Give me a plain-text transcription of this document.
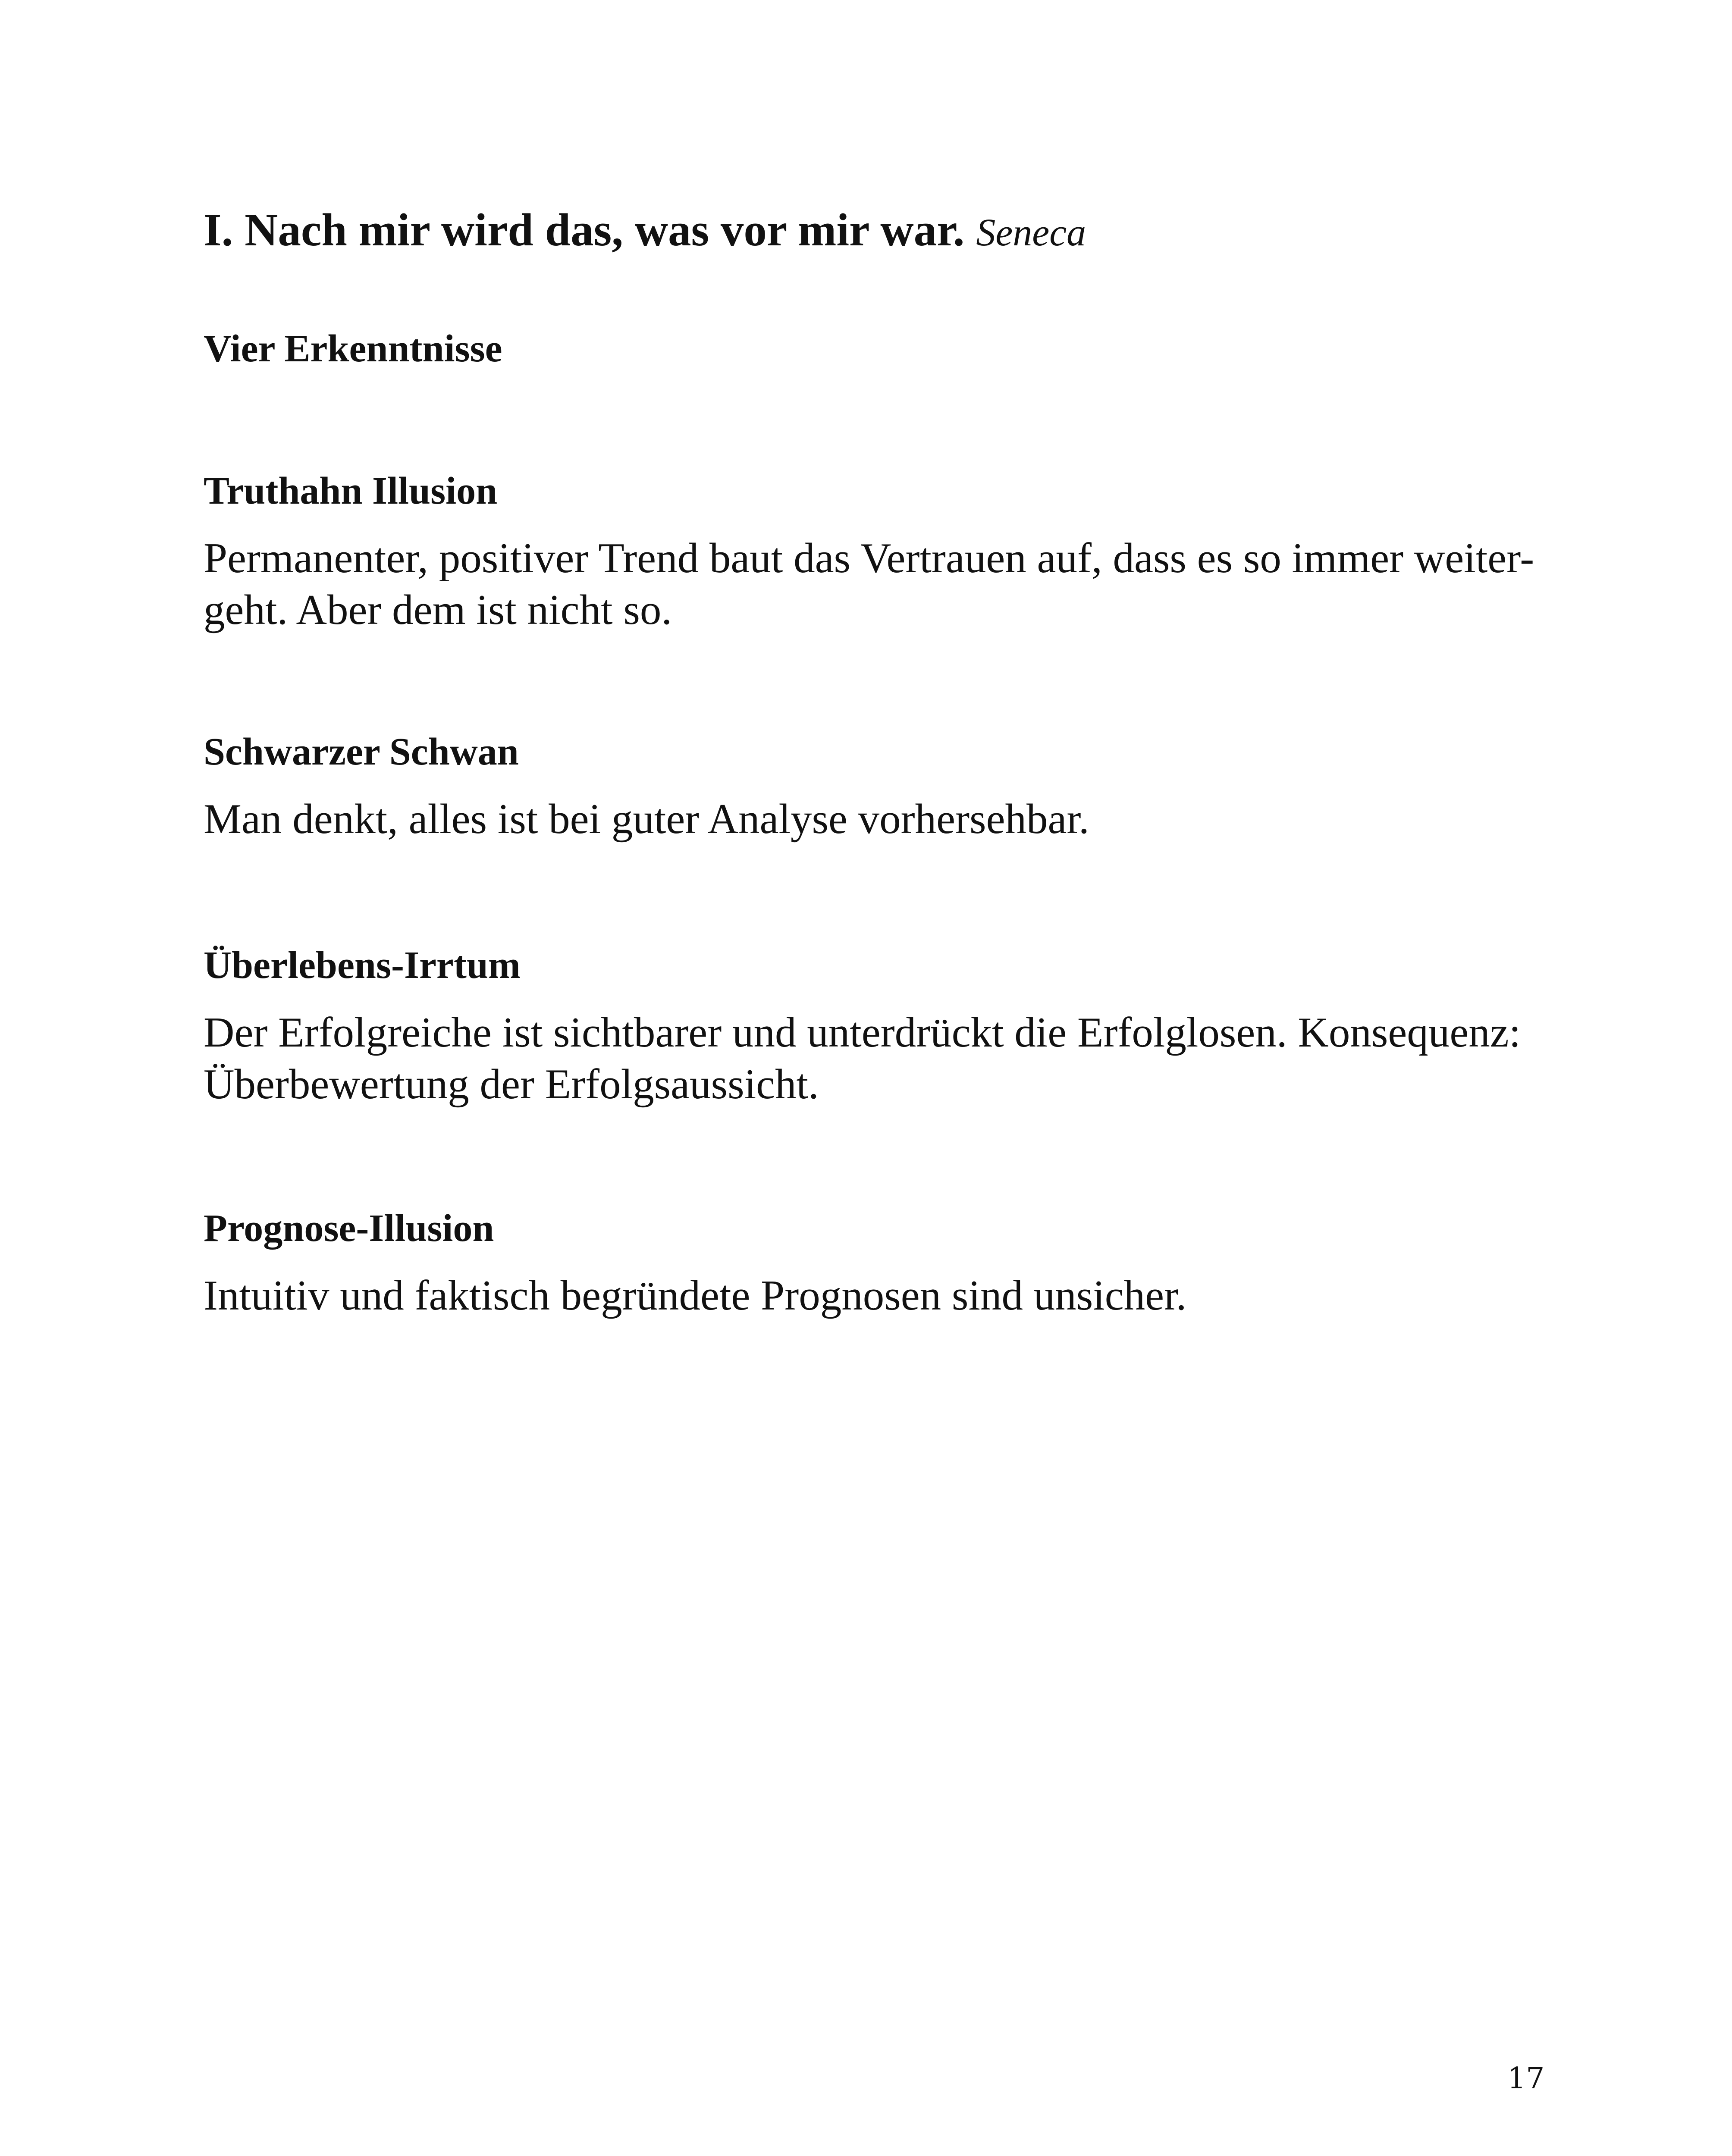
I. Nach mir wird das, was vor mir war. Seneca
Vier Erkenntnisse
Truthahn Illusion

Permanenter, positiver Trend baut das Vertrauen auf, dass es so immer weiter-
geht. Aber dem ist nicht so.

Schwarzer Schwan

Man denkt, alles ist bei guter Analyse vorhersehbar.

Überlebens-Irrtum

Der Erfolgreiche ist sichtbarer und unterdrückt die Erfolglosen. Konsequenz:
Überbewertung der Erfolgsaussicht.

Prognose-Illusion

Intuitiv und faktisch begründete Prognosen sind unsicher.

17
